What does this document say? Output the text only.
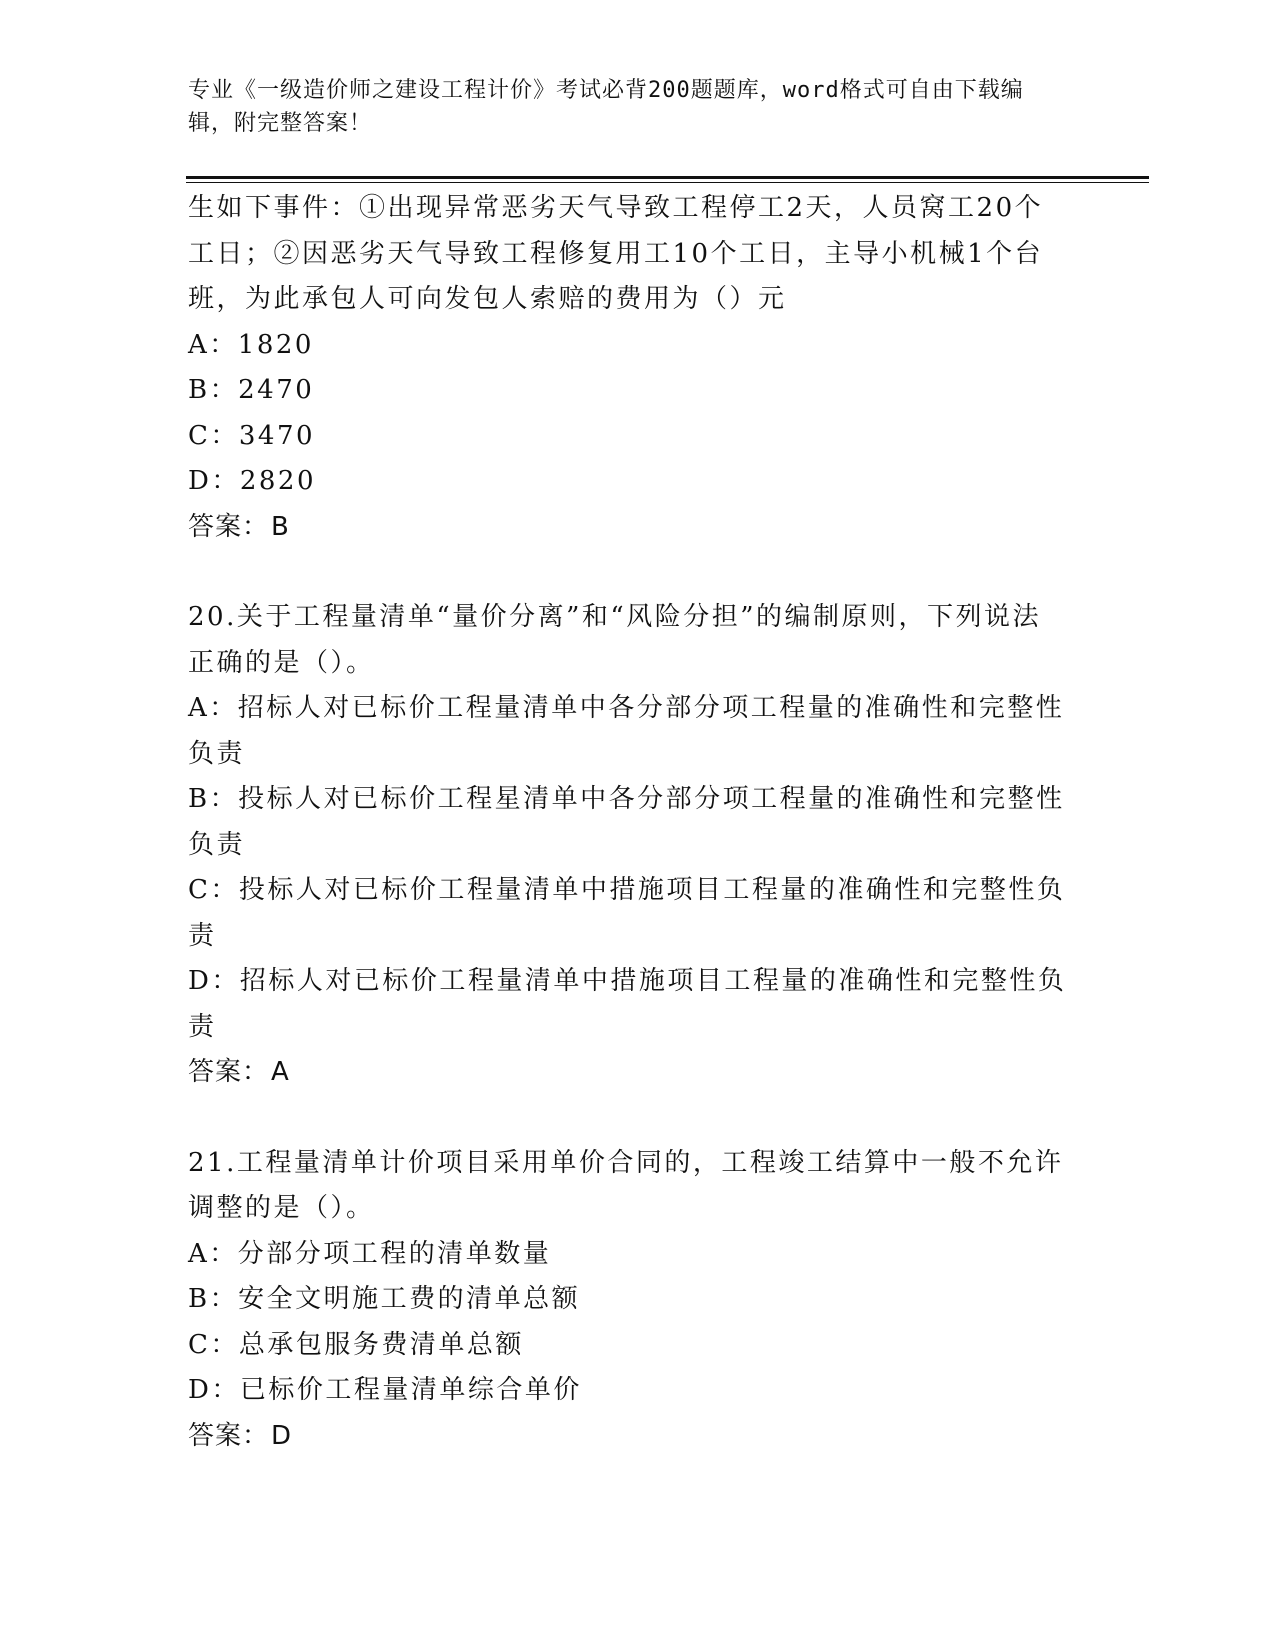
专业《一级造价师之建设工程计价》考试必背200题题库，word格式可自由下载编辑，附完整答案！

生如下事件：①出现异常恶劣天气导致工程停工2天，人员窝工20个工日；②因恶劣天气导致工程修复用工10个工日，主导小机械1个台班，为此承包人可向发包人索赔的费用为（）元

A：1820

B：2470

C：3470

D：2820

答案：B

20.关于工程量清单“量价分离”和“风险分担”的编制原则，下列说法正确的是（）。

A：招标人对已标价工程量清单中各分部分项工程量的准确性和完整性负责

B：投标人对已标价工程星清单中各分部分项工程量的准确性和完整性负责

C：投标人对已标价工程量清单中措施项目工程量的准确性和完整性负责

D：招标人对已标价工程量清单中措施项目工程量的准确性和完整性负责

答案：A

21.工程量清单计价项目采用单价合同的，工程竣工结算中一般不允许调整的是（）。

A：分部分项工程的清单数量

B：安全文明施工费的清单总额

C：总承包服务费清单总额

D：已标价工程量清单综合单价

答案：D
